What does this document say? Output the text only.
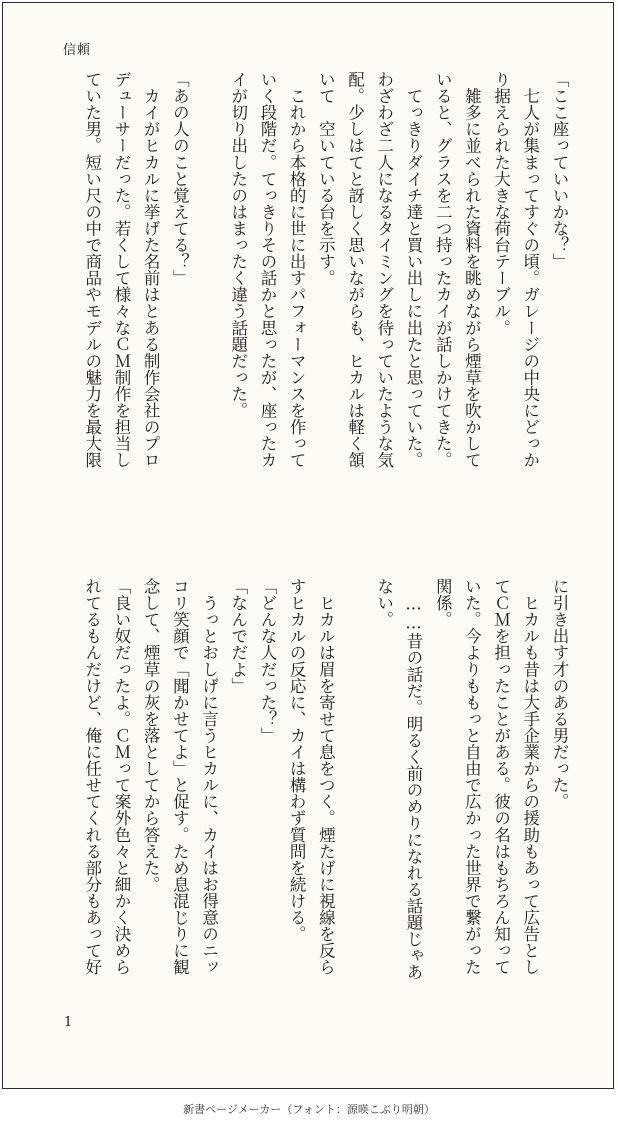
信頼

「ここ座っていいかな？」

　七人が集まってすぐの頃。ガレージの中央にどっか

り据えられた大きな荷台テーブル。

　雑多に並べられた資料を眺めながら煙草を吹かして

いると、グラスを二つ持ったカイが話しかけてきた。

　てっきりダイチ達と買い出しに出たと思っていた。

わざわざ二人になるタイミングを待っていたような気

配。少しはてと訝しく思いながらも、ヒカルは軽く頷

いて　空いている台を示す。

　これから本格的に世に出すパフォーマンスを作って

いく段階だ。てっきりその話かと思ったが、座ったカ

イが切り出したのはまったく違う話題だった。

「あの人のこと覚えてる？」

　カイがヒカルに挙げた名前はとある制作会社のプロ

デューサーだった。若くして様々なＣＭ制作を担当し

ていた男。短い尺の中で商品やモデルの魅力を最大限

に引き出す才のある男だった。

　ヒカルも昔は大手企業からの援助もあって広告とし

てＣＭを担ったことがある。彼の名はもちろん知って

いた。今よりももっと自由で広かった世界で繋がった

関係。

　……昔の話だ。明るく前のめりになれる話題じゃあ

ない。

　ヒカルは眉を寄せて息をつく。煙たげに視線を反ら

すヒカルの反応に、カイは構わず質問を続ける。

「どんな人だった？」

「なんでだよ」

　うっとおしげに言うヒカルに、カイはお得意のニッ

コリ笑顔で「聞かせてよ」と促す。ため息混じりに観

念して、煙草の灰を落としてから答えた。

「良い奴だったよ。ＣＭって案外色々と細かく決めら

れてるもんだけど、俺に任せてくれる部分もあって好

1
新書ページメーカー（フォント：源暎こぶり明朝）
